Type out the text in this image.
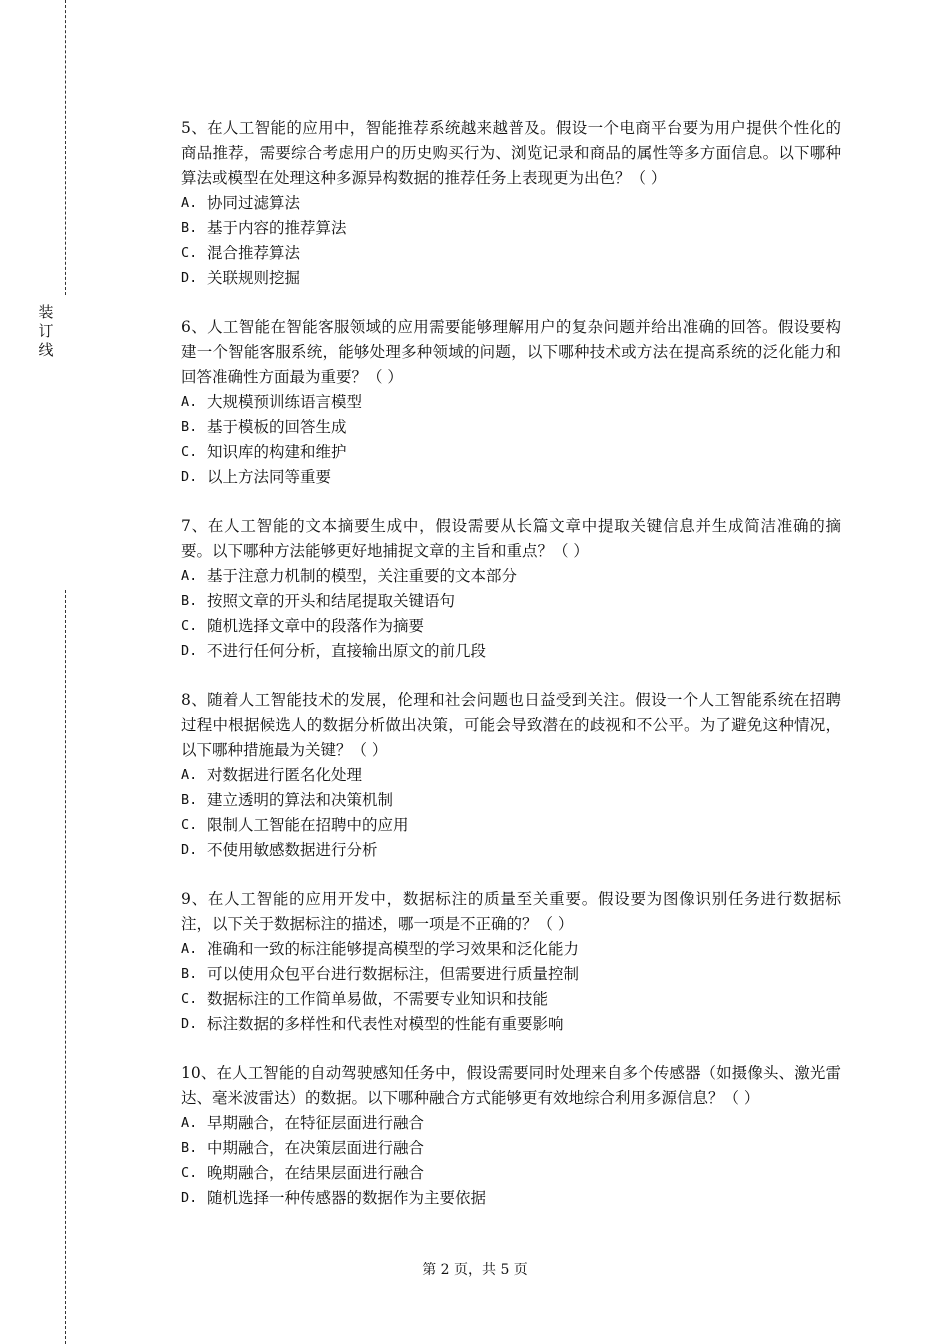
装
订
线

5、在人工智能的应用中，智能推荐系统越来越普及。假设一个电商平台要为用户提供个性化的商品推荐，需要综合考虑用户的历史购买行为、浏览记录和商品的属性等多方面信息。以下哪种算法或模型在处理这种多源异构数据的推荐任务上表现更为出色？（ ）

A. 协同过滤算法
B. 基于内容的推荐算法
C. 混合推荐算法
D. 关联规则挖掘

6、人工智能在智能客服领域的应用需要能够理解用户的复杂问题并给出准确的回答。假设要构建一个智能客服系统，能够处理多种领域的问题，以下哪种技术或方法在提高系统的泛化能力和回答准确性方面最为重要？（ ）

A. 大规模预训练语言模型
B. 基于模板的回答生成
C. 知识库的构建和维护
D. 以上方法同等重要

7、在人工智能的文本摘要生成中，假设需要从长篇文章中提取关键信息并生成简洁准确的摘要。以下哪种方法能够更好地捕捉文章的主旨和重点？（ ）

A. 基于注意力机制的模型，关注重要的文本部分
B. 按照文章的开头和结尾提取关键语句
C. 随机选择文章中的段落作为摘要
D. 不进行任何分析，直接输出原文的前几段

8、随着人工智能技术的发展，伦理和社会问题也日益受到关注。假设一个人工智能系统在招聘过程中根据候选人的数据分析做出决策，可能会导致潜在的歧视和不公平。为了避免这种情况，以下哪种措施最为关键？（ ）

A. 对数据进行匿名化处理
B. 建立透明的算法和决策机制
C. 限制人工智能在招聘中的应用
D. 不使用敏感数据进行分析

9、在人工智能的应用开发中，数据标注的质量至关重要。假设要为图像识别任务进行数据标注，以下关于数据标注的描述，哪一项是不正确的？（ ）

A. 准确和一致的标注能够提高模型的学习效果和泛化能力
B. 可以使用众包平台进行数据标注，但需要进行质量控制
C. 数据标注的工作简单易做，不需要专业知识和技能
D. 标注数据的多样性和代表性对模型的性能有重要影响

10、在人工智能的自动驾驶感知任务中，假设需要同时处理来自多个传感器（如摄像头、激光雷达、毫米波雷达）的数据。以下哪种融合方式能够更有效地综合利用多源信息？（ ）

A. 早期融合，在特征层面进行融合
B. 中期融合，在决策层面进行融合
C. 晚期融合，在结果层面进行融合
D. 随机选择一种传感器的数据作为主要依据
第 2 页，共 5 页
